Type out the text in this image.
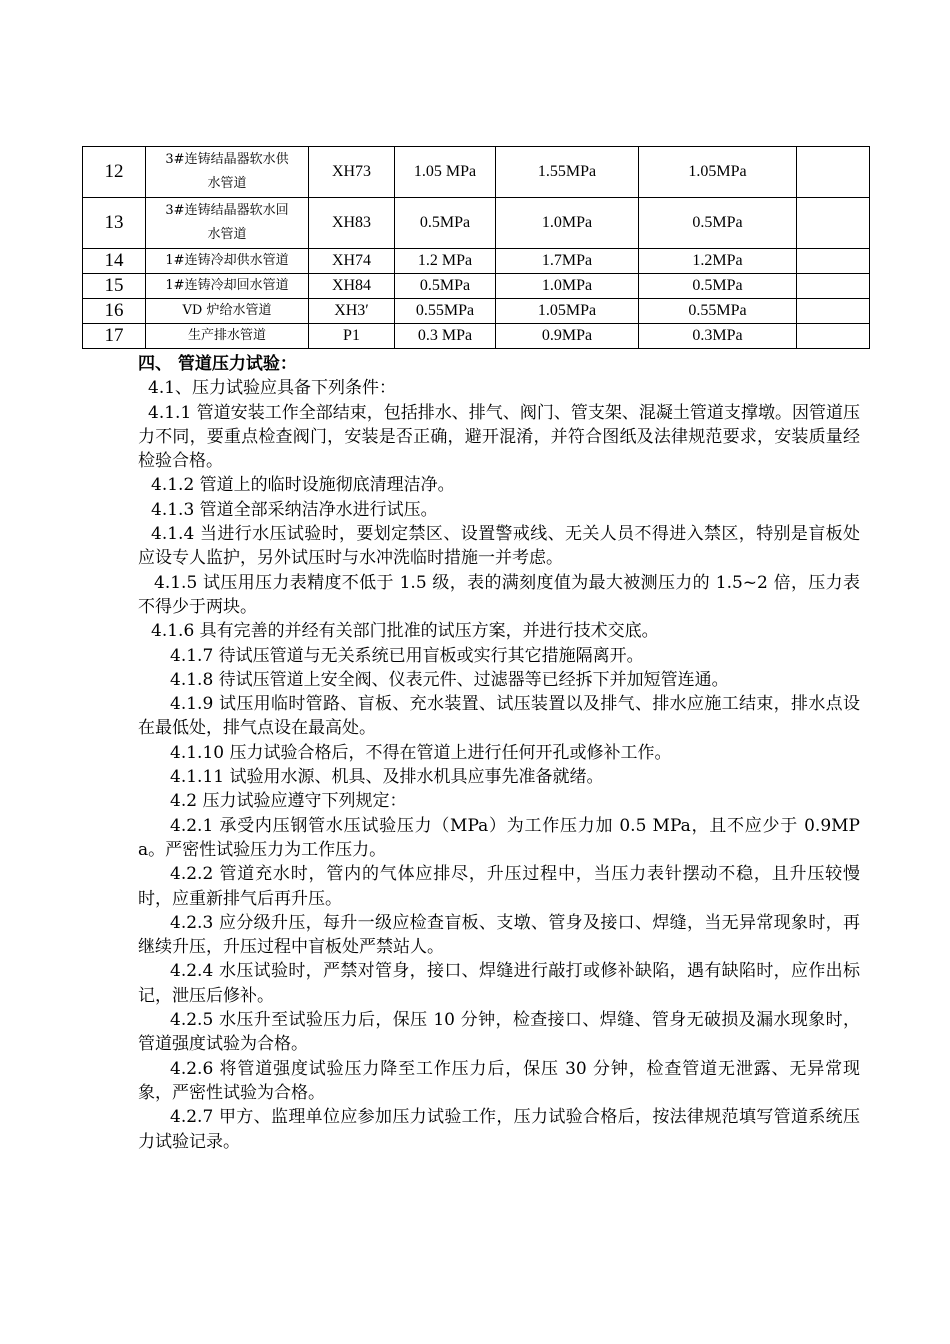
12	3#连铸结晶器软水供水管道	XH73	1.05 MPa	1.55MPa	1.05MPa	
13	3#连铸结晶器软水回水管道	XH83	0.5MPa	1.0MPa	0.5MPa	
14	1#连铸冷却供水管道	XH74	1.2 MPa	1.7MPa	1.2MPa	
15	1#连铸冷却回水管道	XH84	0.5MPa	1.0MPa	0.5MPa	
16	VD 炉给水管道	XH3′	0.55MPa	1.05MPa	0.55MPa	
17	生产排水管道	P1	0.3 MPa	0.9MPa	0.3MPa	

四、 管道压力试验：

4.1、压力试验应具备下列条件：

4.1.1 管道安装工作全部结束，包括排水、排气、阀门、管支架、混凝土管道支撑墩。因管道压力不同，要重点检查阀门，安装是否正确，避开混淆，并符合图纸及法律规范要求，安装质量经检验合格。

4.1.2 管道上的临时设施彻底清理洁净。

4.1.3 管道全部采纳洁净水进行试压。

4.1.4 当进行水压试验时，要划定禁区、设置警戒线、无关人员不得进入禁区，特别是盲板处应设专人监护，另外试压时与水冲洗临时措施一并考虑。

4.1.5 试压用压力表精度不低于 1.5 级，表的满刻度值为最大被测压力的 1.5~2 倍，压力表不得少于两块。

4.1.6 具有完善的并经有关部门批准的试压方案，并进行技术交底。

4.1.7 待试压管道与无关系统已用盲板或实行其它措施隔离开。

4.1.8 待试压管道上安全阀、仪表元件、过滤器等已经拆下并加短管连通。

4.1.9 试压用临时管路、盲板、充水装置、试压装置以及排气、排水应施工结束，排水点设在最低处，排气点设在最高处。

4.1.10 压力试验合格后，不得在管道上进行任何开孔或修补工作。

4.1.11 试验用水源、机具、及排水机具应事先准备就绪。

4.2 压力试验应遵守下列规定：

4.2.1 承受内压钢管水压试验压力（MPa）为工作压力加 0.5 MPa，且不应少于 0.9MPa。严密性试验压力为工作压力。

4.2.2 管道充水时，管内的气体应排尽，升压过程中，当压力表针摆动不稳，且升压较慢时，应重新排气后再升压。

4.2.3 应分级升压，每升一级应检查盲板、支墩、管身及接口、焊缝，当无异常现象时，再继续升压，升压过程中盲板处严禁站人。

4.2.4 水压试验时，严禁对管身，接口、焊缝进行敲打或修补缺陷，遇有缺陷时，应作出标记，泄压后修补。

4.2.5 水压升至试验压力后，保压 10 分钟，检查接口、焊缝、管身无破损及漏水现象时，管道强度试验为合格。

4.2.6 将管道强度试验压力降至工作压力后，保压 30 分钟，检查管道无泄露、无异常现象，严密性试验为合格。

4.2.7 甲方、监理单位应参加压力试验工作，压力试验合格后，按法律规范填写管道系统压力试验记录。
